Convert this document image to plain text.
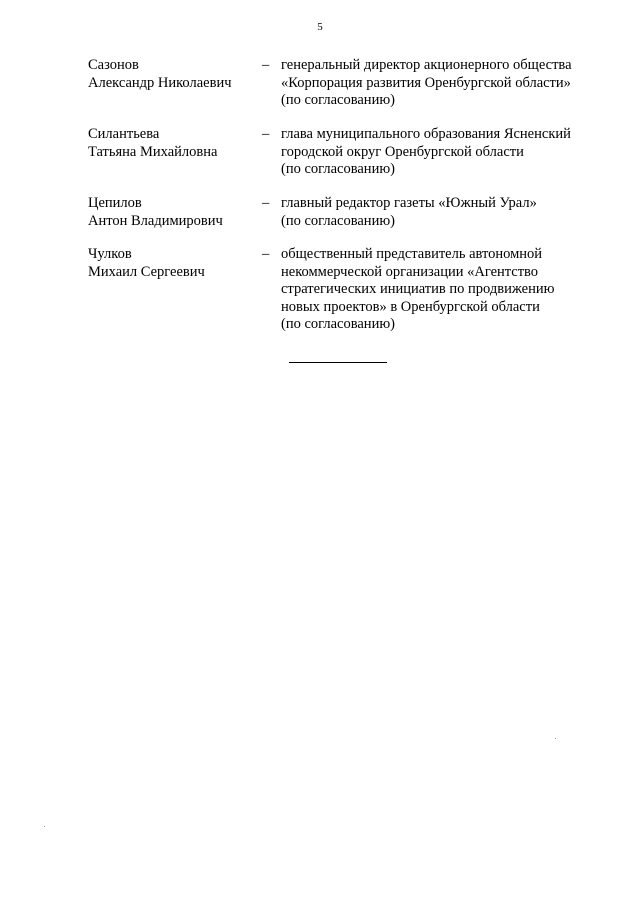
5
Сазонов
Александр Николаевич
– генеральный директор акционерного общества
«Корпорация развития Оренбургской области»
(по согласованию)
Силантьева
Татьяна Михайловна
– глава муниципального образования Ясненский
городской округ Оренбургской области
(по согласованию)
Цепилов
Антон Владимирович
– главный редактор газеты «Южный Урал»
(по согласованию)
Чулков
Михаил Сергеевич
– общественный представитель автономной
некоммерческой организации «Агентство
стратегических инициатив по продвижению
новых проектов» в Оренбургской области
(по согласованию)
